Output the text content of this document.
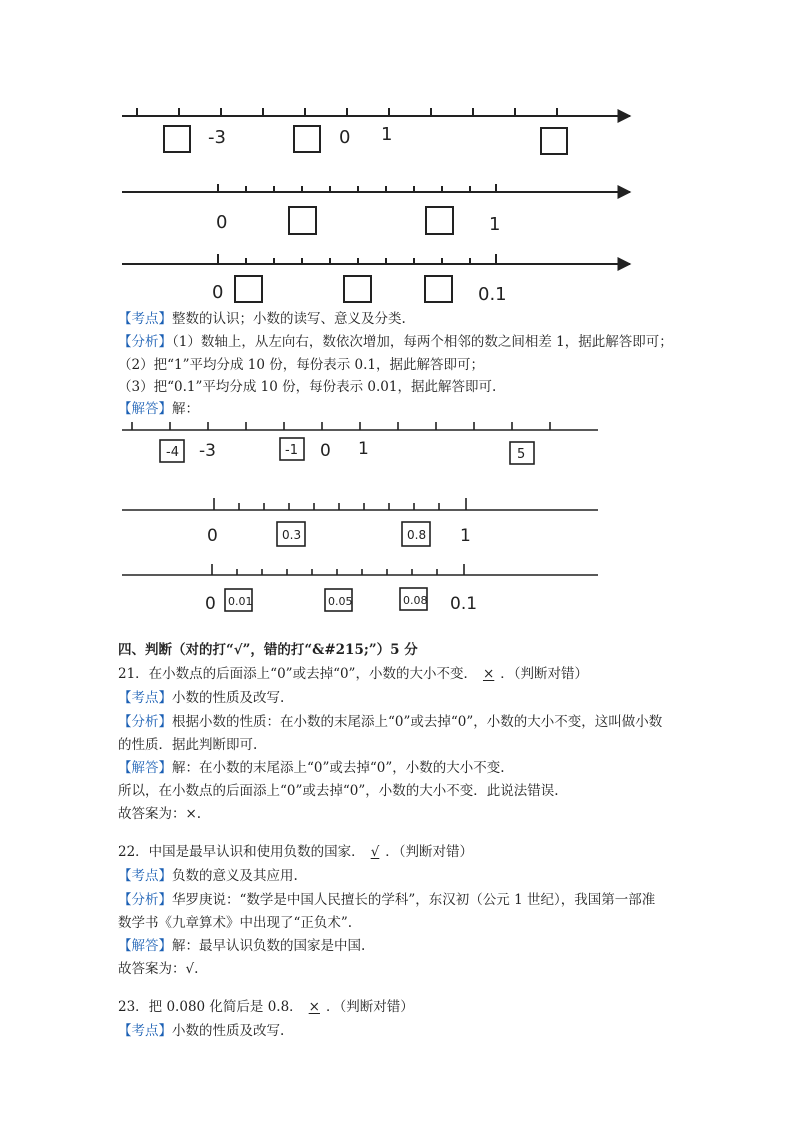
-3	0 1
0	1
0	0.1
-4	-1	5
-3	0 1
0.3	0.8
0	1
0.01	0.05	0.08
0	0.1
【考点】整数的认识；小数的读写、意义及分类.
【分析】（1）数轴上，从左向右，数依次增加，每两个相邻的数之间相差 1，据此解答即可；
（2）把“1”平均分成 10 份，每份表示 0.1，据此解答即可；
（3）把“0.1”平均分成 10 份，每份表示 0.01，据此解答即可.
【解答】解：
四、判断（对的打“√”，错的打“&#215;”）5 分
21．在小数点的后面添上“0”或去掉“0”，小数的大小不变． × ．（判断对错）
【考点】小数的性质及改写.
【分析】根据小数的性质：在小数的末尾添上“0”或去掉“0”，小数的大小不变，这叫做小数
的性质．据此判断即可.
【解答】解：在小数的末尾添上“0”或去掉“0”，小数的大小不变.
所以，在小数点的后面添上“0”或去掉“0”，小数的大小不变．此说法错误.
故答案为：×.
22．中国是最早认识和使用负数的国家． √ ．（判断对错）
【考点】负数的意义及其应用.
【分析】华罗庚说：“数学是中国人民擅长的学科”，东汉初（公元 1 世纪），我国第一部准
数学书《九章算术》中出现了“正负术”.
【解答】解：最早认识负数的国家是中国.
故答案为：√.
23．把 0.080 化简后是 0.8． × ．（判断对错）
【考点】小数的性质及改写.
